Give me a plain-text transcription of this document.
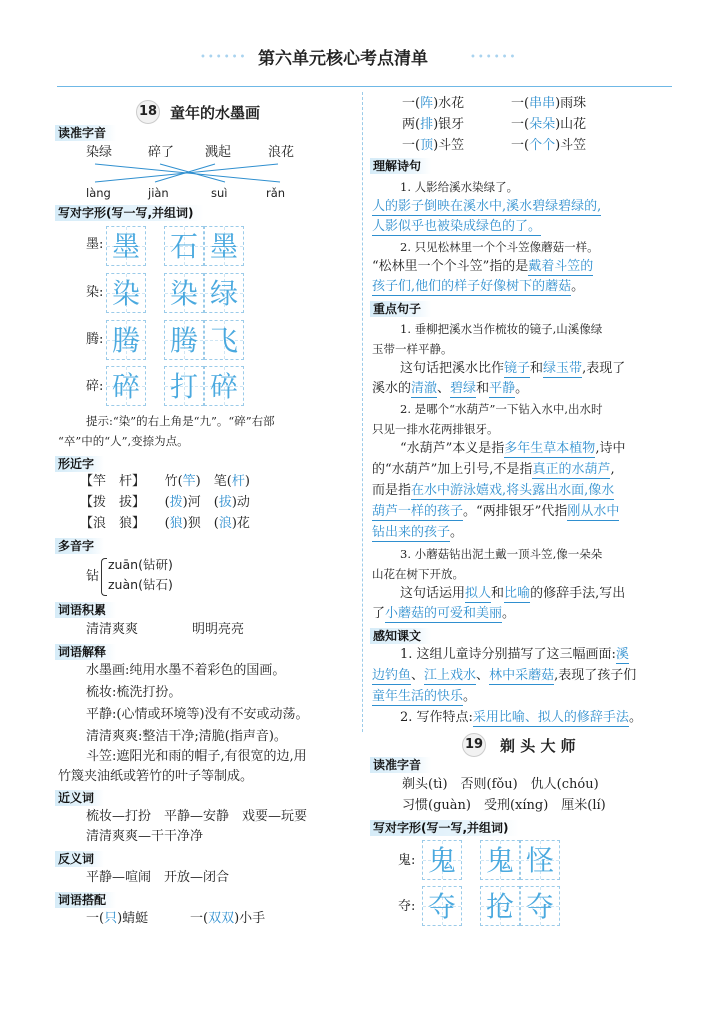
•••••• 第六单元核心考点清单	••••••
18 童年的水墨画
读准字音
染绿	碎了 溅起	浪花
làng	jiàn	suì	rǎn
写对字形(写一写,并组词)
墨: 墨 石 墨
染: 染 染 绿
腾: 腾 腾 飞
碎: 碎 打 碎
提示:“染”的右上角是“九”。“碎”右部
“卒”中的“人”,变捺为点。
形近字
【竿　 杆】　　 竹(竿)　 笔(杆)
【拨　 拔】　　 (拨)河　 (拔)动
【浪　 狼】　　 (狼)狈　 (浪)花
多音字
钻
zuān(钻研)
zuàn(钻石)
词语积累
清清爽爽	明明亮亮
词语解释
水墨画:纯用水墨不着彩色的国画。
梳妆:梳洗打扮。
平静:(心情或环境等)没有不安或动荡。
清清爽爽:整洁干净;清脆(指声音)。
斗笠:遮阳光和雨的帽子,有很宽的边,用
竹篾夹油纸或箬竹的叶子等制成。
近义词
梳妆—打扮　平静—安静　戏要—玩要
清清爽爽—干干净净
反义词
平静—喧闹　开放—闭合
词语搭配
一(只)蜻蜓	一(双双)小手
一(阵)水花	一(串串)雨珠
两(排)银牙	一(朵朵)山花
一(顶)斗笠	一(个个)斗笠
理解诗句
1. 人影给溪水染绿了。
人的影子倒映在溪水中,溪水碧绿碧绿的,
人影似乎也被染成绿色的了。
2. 只见松林里一个个斗笠像蘑菇一样。
“松林里一个个斗笠”指的是戴着斗笠的
孩子们,他们的样子好像树下的蘑菇。
重点句子
1. 垂柳把溪水当作梳妆的镜子,山溪像绿
玉带一样平静。
这句话把溪水比作镜子和绿玉带,表现了
溪水的清澈、碧绿和平静。
2. 是哪个“水葫芦”一下钻入水中,出水时
只见一排水花两排银牙。
“水葫芦”本义是指多年生草本植物,诗中
的“水葫芦”加上引号,不是指真正的水葫芦,
而是指在水中游泳嬉戏,将头露出水面,像水
葫芦一样的孩子。“两排银牙”代指刚从水中
钻出来的孩子。
3. 小蘑菇钻出泥土戴一顶斗笠,像一朵朵
山花在树下开放。
这句话运用拟人和比喻的修辞手法,写出
了小蘑菇的可爱和美丽。
感知课文
1. 这组儿童诗分别描写了这三幅画面:溪
边钓鱼、江上戏水、林中采蘑菇,表现了孩子们
童年生活的快乐。
2. 写作特点:采用比喻、拟人的修辞手法。
19 剃 头 大 师
读准字音
剃头(tì)　否则(fǒu)　仇人(chóu)
习惯(guàn)　受刑(xíng)　厘米(lí)
写对字形(写一写,并组词)
鬼: 鬼 鬼 怪
夺: 夺 抢 夺
